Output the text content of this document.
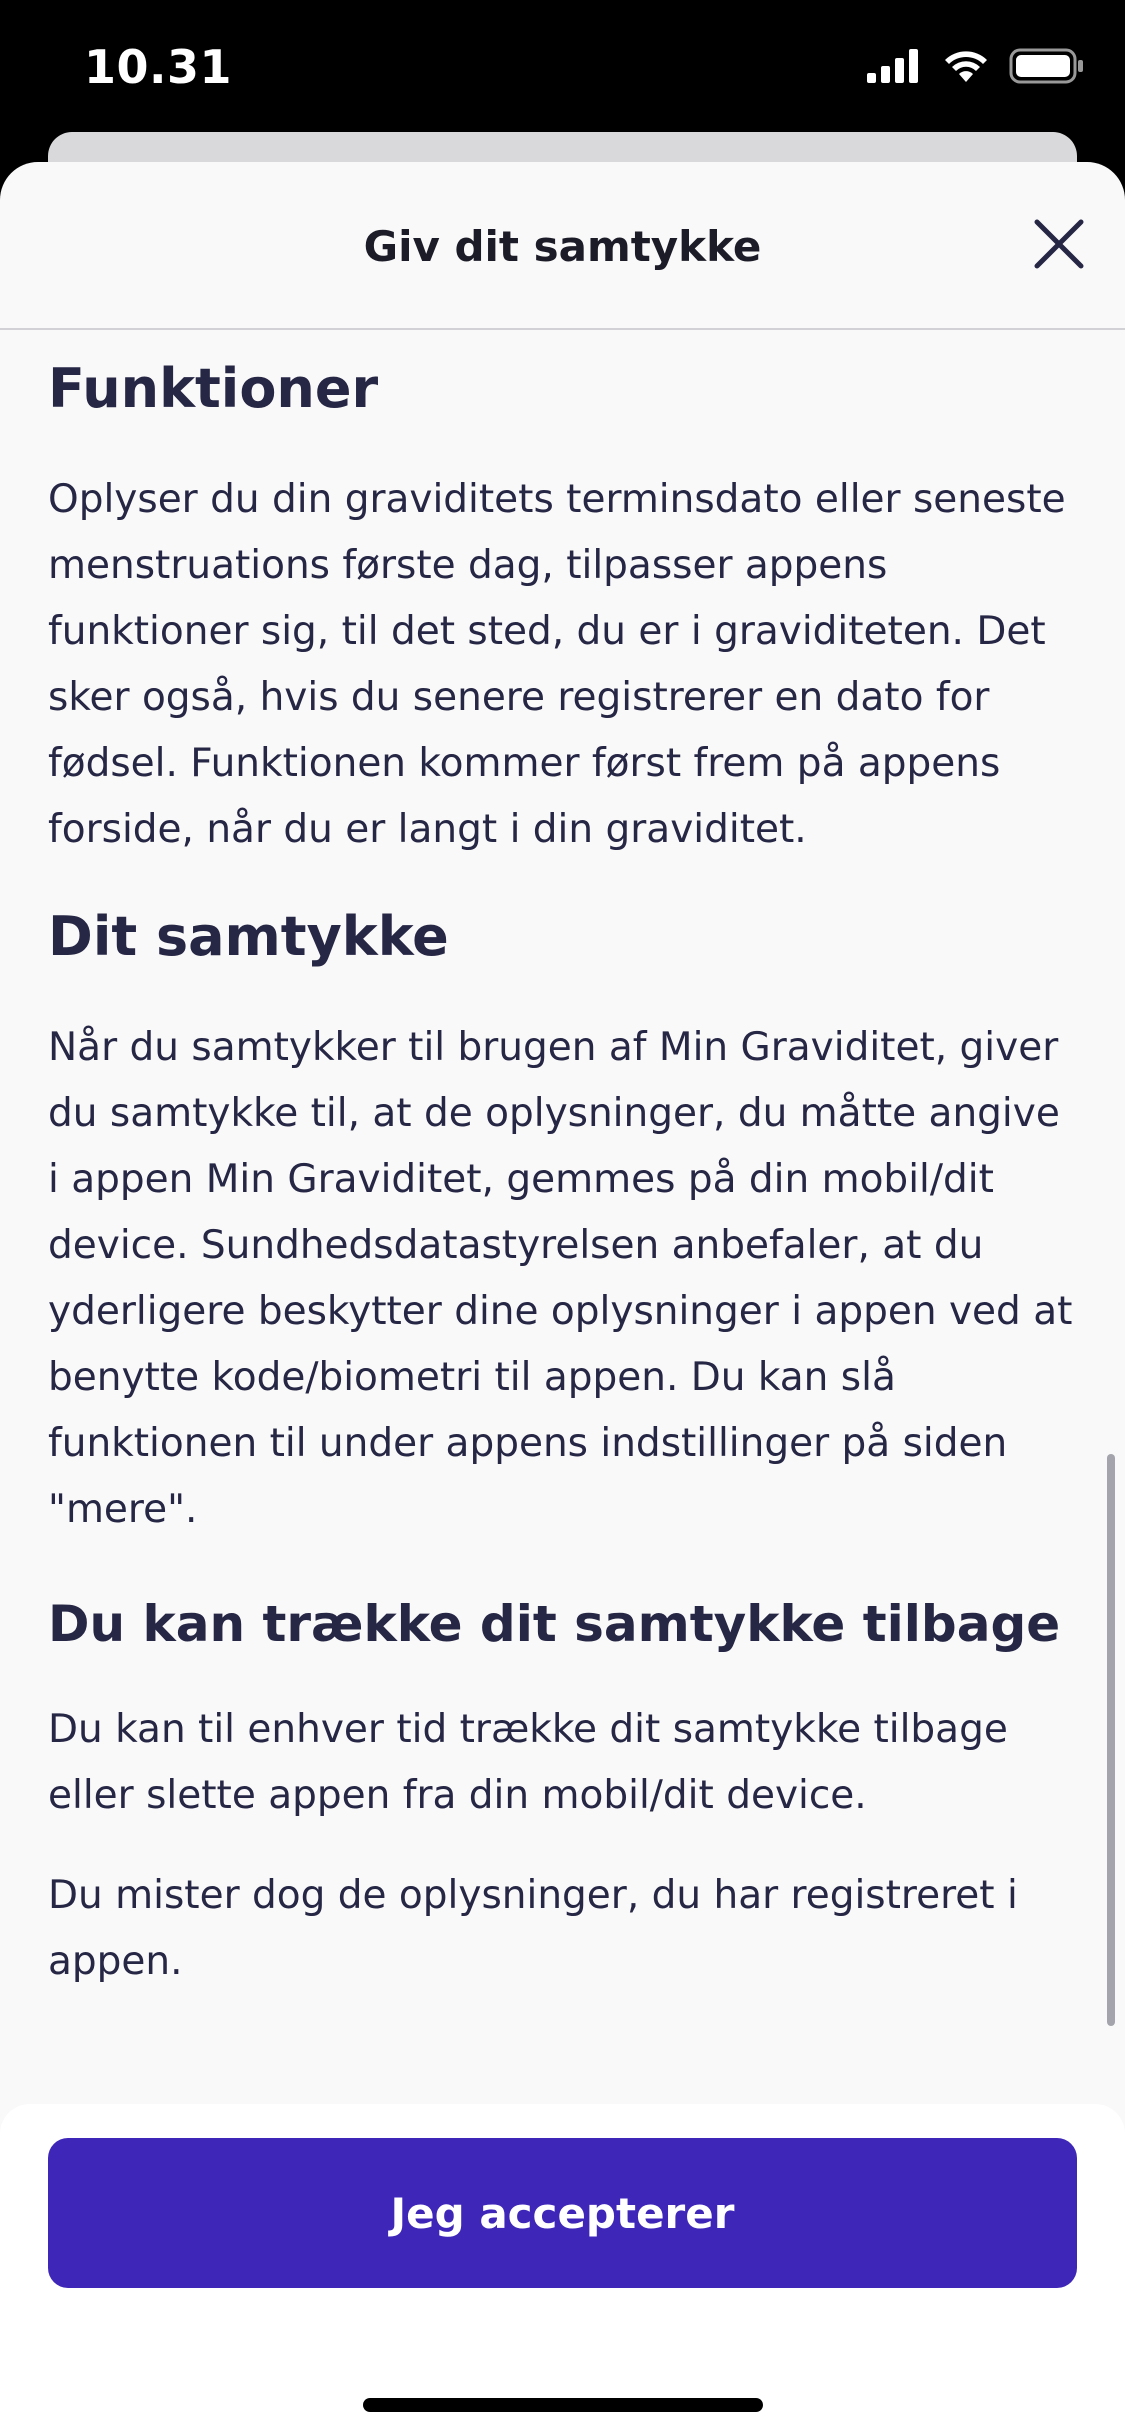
10.31
Giv dit samtykke
Funktioner

Oplyser du din graviditets terminsdato eller seneste menstruations første dag, tilpasser appens funktioner sig, til det sted, du er i graviditeten. Det sker også, hvis du senere registrerer en dato for fødsel. Funktionen kommer først frem på appens forside, når du er langt i din graviditet.

Dit samtykke

Når du samtykker til brugen af Min Graviditet, giver du samtykke til, at de oplysninger, du måtte angive i appen Min Graviditet, gemmes på din mobil/dit device. Sundhedsdatastyrelsen anbefaler, at du yderligere beskytter dine oplysninger i appen ved at benytte kode/biometri til appen. Du kan slå funktionen til under appens indstillinger på siden "mere".

Du kan trække dit samtykke tilbage

Du kan til enhver tid trække dit samtykke tilbage eller slette appen fra din mobil/dit device.

Du mister dog de oplysninger, du har registreret i appen.

Jeg accepterer
